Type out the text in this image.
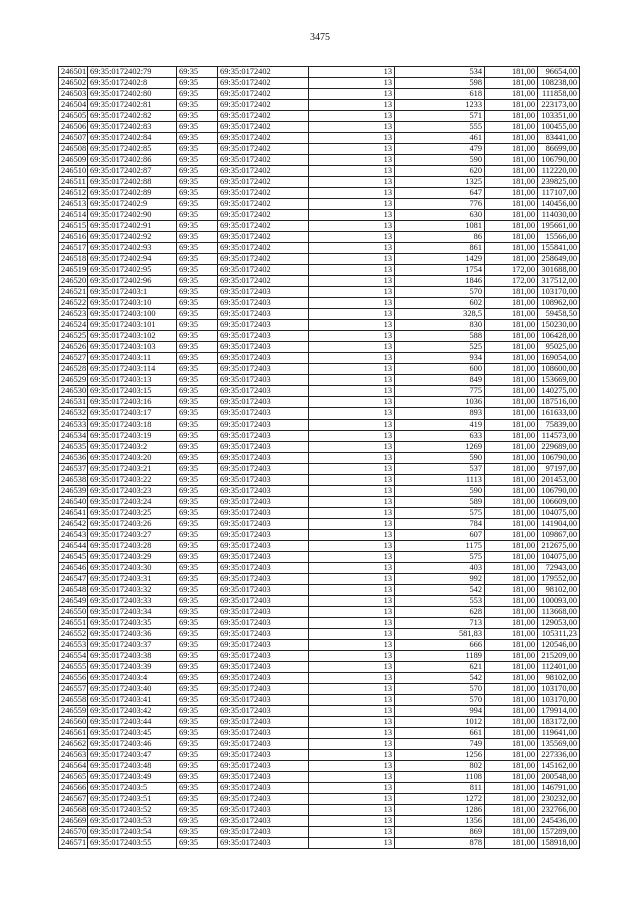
3475
246501	69:35:0172402:79	69:35	69:35:0172402	13	534	181,00	96654,00
246502	69:35:0172402:8	69:35	69:35:0172402	13	598	181,00	108238,00
246503	69:35:0172402:80	69:35	69:35:0172402	13	618	181,00	111858,00
246504	69:35:0172402:81	69:35	69:35:0172402	13	1233	181,00	223173,00
246505	69:35:0172402:82	69:35	69:35:0172402	13	571	181,00	103351,00
246506	69:35:0172402:83	69:35	69:35:0172402	13	555	181,00	100455,00
246507	69:35:0172402:84	69:35	69:35:0172402	13	461	181,00	83441,00
246508	69:35:0172402:85	69:35	69:35:0172402	13	479	181,00	86699,00
246509	69:35:0172402:86	69:35	69:35:0172402	13	590	181,00	106790,00
246510	69:35:0172402:87	69:35	69:35:0172402	13	620	181,00	112220,00
246511	69:35:0172402:88	69:35	69:35:0172402	13	1325	181,00	239825,00
246512	69:35:0172402:89	69:35	69:35:0172402	13	647	181,00	117107,00
246513	69:35:0172402:9	69:35	69:35:0172402	13	776	181,00	140456,00
246514	69:35:0172402:90	69:35	69:35:0172402	13	630	181,00	114030,00
246515	69:35:0172402:91	69:35	69:35:0172402	13	1081	181,00	195661,00
246516	69:35:0172402:92	69:35	69:35:0172402	13	86	181,00	15566,00
246517	69:35:0172402:93	69:35	69:35:0172402	13	861	181,00	155841,00
246518	69:35:0172402:94	69:35	69:35:0172402	13	1429	181,00	258649,00
246519	69:35:0172402:95	69:35	69:35:0172402	13	1754	172,00	301688,00
246520	69:35:0172402:96	69:35	69:35:0172402	13	1846	172,00	317512,00
246521	69:35:0172403:1	69:35	69:35:0172403	13	570	181,00	103170,00
246522	69:35:0172403:10	69:35	69:35:0172403	13	602	181,00	108962,00
246523	69:35:0172403:100	69:35	69:35:0172403	13	328,5	181,00	59458,50
246524	69:35:0172403:101	69:35	69:35:0172403	13	830	181,00	150230,00
246525	69:35:0172403:102	69:35	69:35:0172403	13	588	181,00	106428,00
246526	69:35:0172403:103	69:35	69:35:0172403	13	525	181,00	95025,00
246527	69:35:0172403:11	69:35	69:35:0172403	13	934	181,00	169054,00
246528	69:35:0172403:114	69:35	69:35:0172403	13	600	181,00	108600,00
246529	69:35:0172403:13	69:35	69:35:0172403	13	849	181,00	153669,00
246530	69:35:0172403:15	69:35	69:35:0172403	13	775	181,00	140275,00
246531	69:35:0172403:16	69:35	69:35:0172403	13	1036	181,00	187516,00
246532	69:35:0172403:17	69:35	69:35:0172403	13	893	181,00	161633,00
246533	69:35:0172403:18	69:35	69:35:0172403	13	419	181,00	75839,00
246534	69:35:0172403:19	69:35	69:35:0172403	13	633	181,00	114573,00
246535	69:35:0172403:2	69:35	69:35:0172403	13	1269	181,00	229689,00
246536	69:35:0172403:20	69:35	69:35:0172403	13	590	181,00	106790,00
246537	69:35:0172403:21	69:35	69:35:0172403	13	537	181,00	97197,00
246538	69:35:0172403:22	69:35	69:35:0172403	13	1113	181,00	201453,00
246539	69:35:0172403:23	69:35	69:35:0172403	13	590	181,00	106790,00
246540	69:35:0172403:24	69:35	69:35:0172403	13	589	181,00	106609,00
246541	69:35:0172403:25	69:35	69:35:0172403	13	575	181,00	104075,00
246542	69:35:0172403:26	69:35	69:35:0172403	13	784	181,00	141904,00
246543	69:35:0172403:27	69:35	69:35:0172403	13	607	181,00	109867,00
246544	69:35:0172403:28	69:35	69:35:0172403	13	1175	181,00	212675,00
246545	69:35:0172403:29	69:35	69:35:0172403	13	575	181,00	104075,00
246546	69:35:0172403:30	69:35	69:35:0172403	13	403	181,00	72943,00
246547	69:35:0172403:31	69:35	69:35:0172403	13	992	181,00	179552,00
246548	69:35:0172403:32	69:35	69:35:0172403	13	542	181,00	98102,00
246549	69:35:0172403:33	69:35	69:35:0172403	13	553	181,00	100093,00
246550	69:35:0172403:34	69:35	69:35:0172403	13	628	181,00	113668,00
246551	69:35:0172403:35	69:35	69:35:0172403	13	713	181,00	129053,00
246552	69:35:0172403:36	69:35	69:35:0172403	13	581,83	181,00	105311,23
246553	69:35:0172403:37	69:35	69:35:0172403	13	666	181,00	120546,00
246554	69:35:0172403:38	69:35	69:35:0172403	13	1189	181,00	215209,00
246555	69:35:0172403:39	69:35	69:35:0172403	13	621	181,00	112401,00
246556	69:35:0172403:4	69:35	69:35:0172403	13	542	181,00	98102,00
246557	69:35:0172403:40	69:35	69:35:0172403	13	570	181,00	103170,00
246558	69:35:0172403:41	69:35	69:35:0172403	13	570	181,00	103170,00
246559	69:35:0172403:42	69:35	69:35:0172403	13	994	181,00	179914,00
246560	69:35:0172403:44	69:35	69:35:0172403	13	1012	181,00	183172,00
246561	69:35:0172403:45	69:35	69:35:0172403	13	661	181,00	119641,00
246562	69:35:0172403:46	69:35	69:35:0172403	13	749	181,00	135569,00
246563	69:35:0172403:47	69:35	69:35:0172403	13	1256	181,00	227336,00
246564	69:35:0172403:48	69:35	69:35:0172403	13	802	181,00	145162,00
246565	69:35:0172403:49	69:35	69:35:0172403	13	1108	181,00	200548,00
246566	69:35:0172403:5	69:35	69:35:0172403	13	811	181,00	146791,00
246567	69:35:0172403:51	69:35	69:35:0172403	13	1272	181,00	230232,00
246568	69:35:0172403:52	69:35	69:35:0172403	13	1286	181,00	232766,00
246569	69:35:0172403:53	69:35	69:35:0172403	13	1356	181,00	245436,00
246570	69:35:0172403:54	69:35	69:35:0172403	13	869	181,00	157289,00
246571	69:35:0172403:55	69:35	69:35:0172403	13	878	181,00	158918,00
